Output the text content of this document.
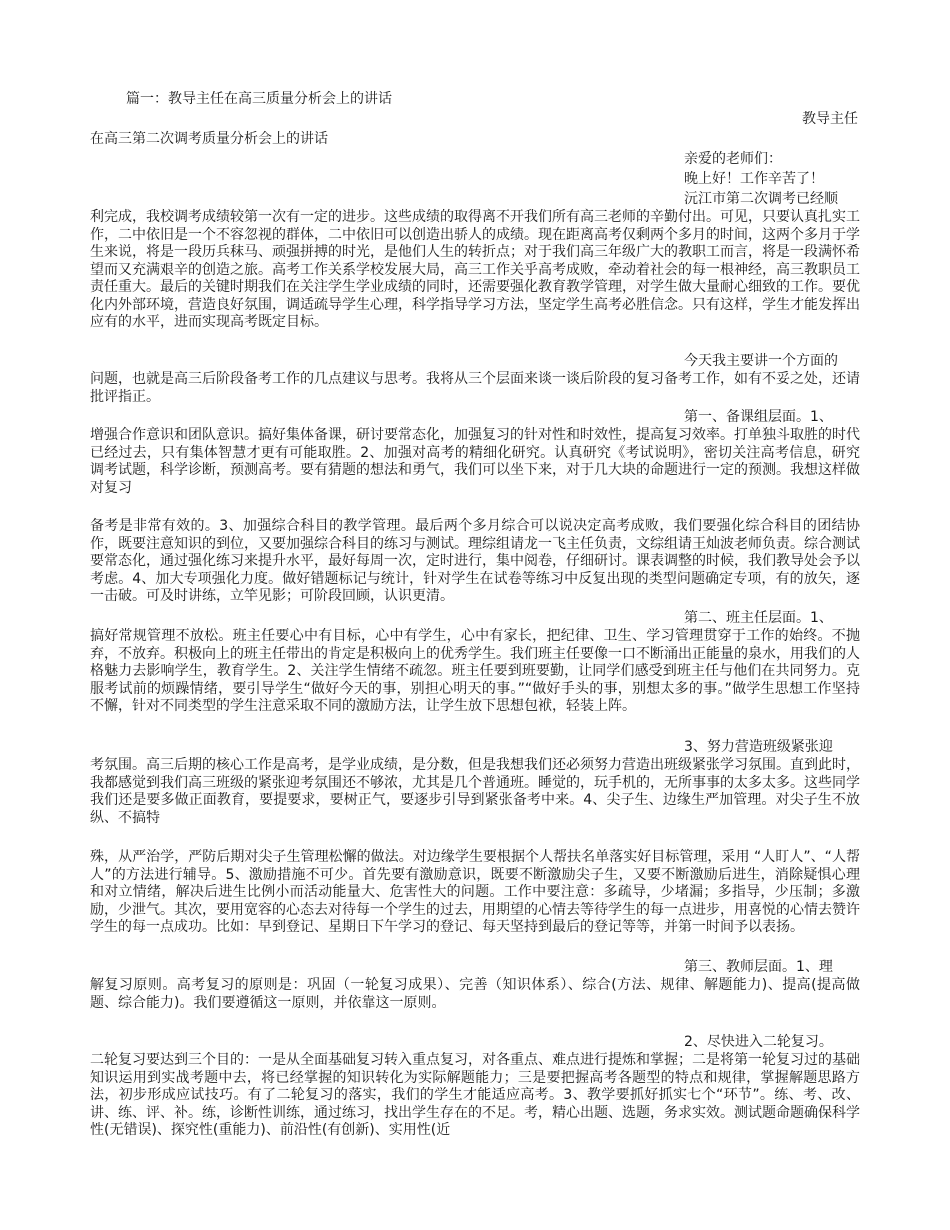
篇一：教导主任在高三质量分析会上的讲话

教导主任

在高三第二次调考质量分析会上的讲话

亲爱的老师们：

晚上好！工作辛苦了！

沅江市第二次调考已经顺

利完成，我校调考成绩较第一次有一定的进步。这些成绩的取得离不开我们所有高三老师的辛勤付出。可见，只要认真扎实工作，二中依旧是一个不容忽视的群体，二中依旧可以创造出骄人的成绩。现在距离高考仅剩两个多月的时间，这两个多月于学生来说，将是一段历兵秣马、顽强拼搏的时光，是他们人生的转折点；对于我们高三年级广大的教职工而言，将是一段满怀希望而又充满艰辛的创造之旅。高考工作关系学校发展大局，高三工作关乎高考成败，牵动着社会的每一根神经，高三教职员工责任重大。最后的关键时期我们在关注学生学业成绩的同时，还需要强化教育教学管理，对学生做大量耐心细致的工作。要优化内外部环境，营造良好氛围，调适疏导学生心理，科学指导学习方法，坚定学生高考必胜信念。只有这样，学生才能发挥出应有的水平，进而实现高考既定目标。

今天我主要讲一个方面的

问题，也就是高三后阶段备考工作的几点建议与思考。我将从三个层面来谈一谈后阶段的复习备考工作，如有不妥之处，还请批评指正。

第一、备课组层面。1、

增强合作意识和团队意识。搞好集体备课，研讨要常态化，加强复习的针对性和时效性，提高复习效率。打单独斗取胜的时代已经过去，只有集体智慧才更有可能取胜。2、加强对高考的精细化研究。认真研究《考试说明》，密切关注高考信息，研究调考试题，科学诊断，预测高考。要有猜题的想法和勇气，我们可以坐下来，对于几大块的命题进行一定的预测。我想这样做对复习

备考是非常有效的。3、加强综合科目的教学管理。最后两个多月综合可以说决定高考成败，我们要强化综合科目的团结协作，既要注意知识的到位，又要加强综合科目的练习与测试。理综组请龙一飞主任负责，文综组请王灿波老师负责。综合测试要常态化，通过强化练习来提升水平，最好每周一次，定时进行，集中阅卷，仔细研讨。课表调整的时候，我们教导处会予以考虑。4、加大专项强化力度。做好错题标记与统计，针对学生在试卷等练习中反复出现的类型问题确定专项，有的放矢，逐一击破。可及时讲练，立竿见影；可阶段回顾，认识更清。

第二、班主任层面。1、

搞好常规管理不放松。班主任要心中有目标，心中有学生，心中有家长，把纪律、卫生、学习管理贯穿于工作的始终。不抛弃，不放弃。积极向上的班主任带出的肯定是积极向上的优秀学生。我们班主任要像一口不断涌出正能量的泉水，用我们的人格魅力去影响学生，教育学生。2、关注学生情绪不疏忽。班主任要到班要勤，让同学们感受到班主任与他们在共同努力。克服考试前的烦躁情绪，要引导学生“做好今天的事，别担心明天的事。”“做好手头的事，别想太多的事。”做学生思想工作坚持不懈，针对不同类型的学生注意采取不同的激励方法，让学生放下思想包袱，轻装上阵。

3、努力营造班级紧张迎

考氛围。高三后期的核心工作是高考，是学业成绩，是分数，但是我想我们还必须努力营造出班级紧张学习氛围。直到此时，我都感觉到我们高三班级的紧张迎考氛围还不够浓，尤其是几个普通班。睡觉的，玩手机的，无所事事的太多太多。这些同学我们还是要多做正面教育，要提要求，要树正气，要逐步引导到紧张备考中来。4、尖子生、边缘生严加管理。对尖子生不放纵、不搞特

殊，从严治学，严防后期对尖子生管理松懈的做法。对边缘学生要根据个人帮扶名单落实好目标管理，采用 “人盯人”、“人帮人”的方法进行辅导。5、激励措施不可少。首先要有激励意识，既要不断激励尖子生，又要不断激励后进生，消除疑惧心理和对立情绪，解决后进生比例小而活动能量大、危害性大的问题。工作中要注意：多疏导，少堵漏；多指导，少压制；多激励，少泄气。其次，要用宽容的心态去对待每一个学生的过去，用期望的心情去等待学生的每一点进步，用喜悦的心情去赞许学生的每一点成功。比如：早到登记、星期日下午学习的登记、每天坚持到最后的登记等等，并第一时间予以表扬。

第三、教师层面。1、理

解复习原则。高考复习的原则是：巩固（一轮复习成果）、完善（知识体系）、综合(方法、规律、解题能力)、提高(提高做题、综合能力)。我们要遵循这一原则，并依靠这一原则。

2、尽快进入二轮复习。

二轮复习要达到三个目的：一是从全面基础复习转入重点复习，对各重点、难点进行提炼和掌握；二是将第一轮复习过的基础知识运用到实战考题中去，将已经掌握的知识转化为实际解题能力；三是要把握高考各题型的特点和规律，掌握解题思路方法，初步形成应试技巧。有了二轮复习的落实，我们的学生才能适应高考。3、教学要抓好抓实七个“环节”。练、考、改、讲、练、评、补。练，诊断性训练，通过练习，找出学生存在的不足。考，精心出题、选题，务求实效。测试题命题确保科学性(无错误)、探究性(重能力)、前沿性(有创新)、实用性(近
